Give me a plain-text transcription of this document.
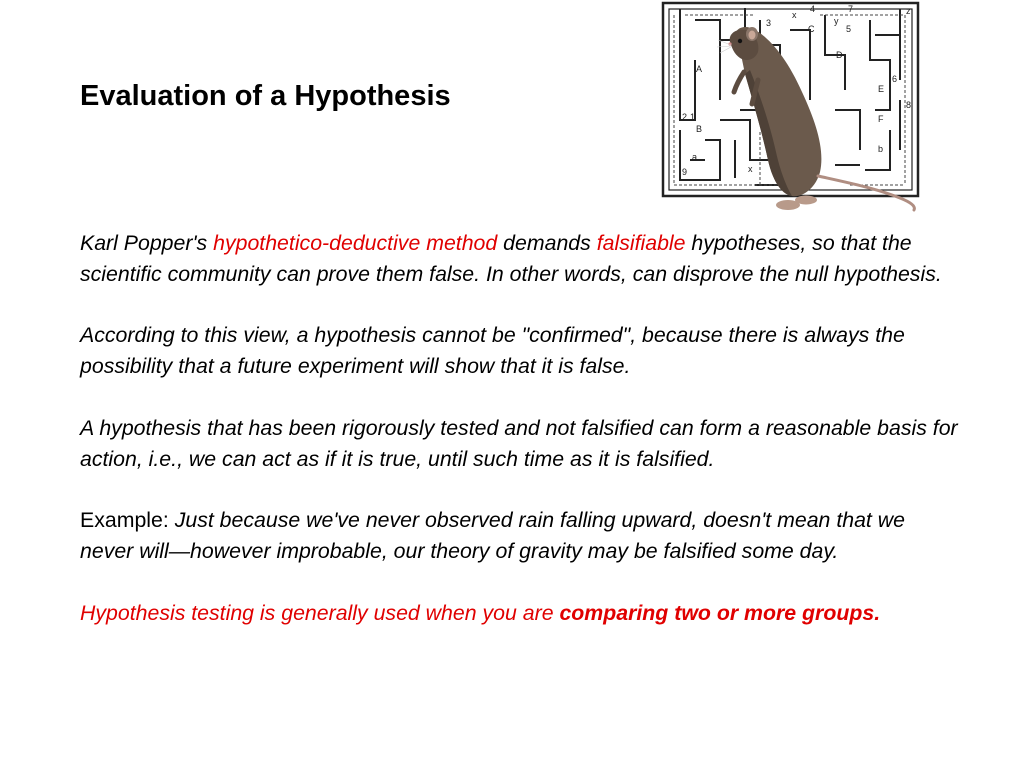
Evaluation of a Hypothesis
A
B
a
2 1
9	x
C
D
E
F
b
3
4
5
6
7
8
x
y
z

Karl Popper's hypothetico-deductive method demands falsifiable hypotheses, so that the scientific community can prove them false. In other words, can disprove the null hypothesis.

According to this view, a hypothesis cannot be "confirmed", because there is always the possibility that a future experiment will show that it is false.

A hypothesis that has been rigorously tested and not falsified can form a reasonable basis for action, i.e., we can act as if it is true, until such time as it is falsified.

Example: Just because we've never observed rain falling upward, doesn't mean that we never will—however improbable, our theory of gravity may be falsified some day.

Hypothesis testing is generally used when you are comparing two or more groups.
